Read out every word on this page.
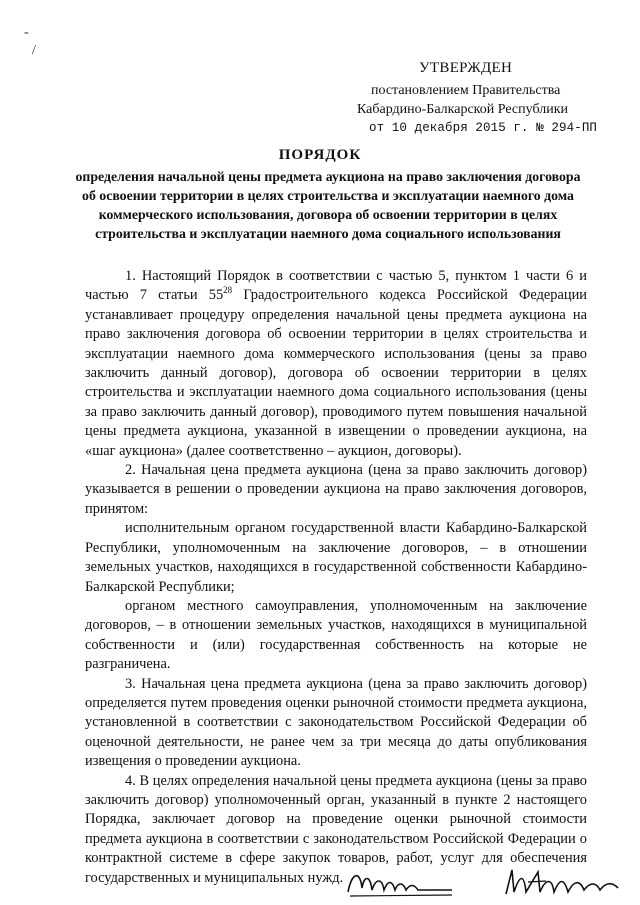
-
/
УТВЕРЖДЕН
постановлением Правительства
Кабардино-Балкарской Республики
от 10 декабря 2015 г. № 294-ПП
ПОРЯДОК
определения начальной цены предмета аукциона на право заключения договора об освоении территории в целях строительства и эксплуатации наемного дома коммерческого использования, договора об освоении территории в целях строительства и эксплуатации наемного дома социального использования

1. Настоящий Порядок в соответствии с частью 5, пунктом 1 части 6 и частью 7 статьи $55^{28}$ Градостроительного кодекса Российской Федерации устанавливает процедуру определения начальной цены предмета аукциона на право заключения договора об освоении территории в целях строительства и эксплуатации наемного дома коммерческого использования (цены за право заключить данный договор), договора об освоении территории в целях строительства и эксплуатации наемного дома социального использования (цены за право заключить данный договор), проводимого путем повышения начальной цены предмета аукциона, указанной в извещении о проведении аукциона, на «шаг аукциона» (далее соответственно – аукцион, договоры).

2. Начальная цена предмета аукциона (цена за право заключить договор) указывается в решении о проведении аукциона на право заключения договоров, принятом:

исполнительным органом государственной власти Кабардино-Балкарской Республики, уполномоченным на заключение договоров, – в отношении земельных участков, находящихся в государственной собственности Кабардино-Балкарской Республики;

органом местного самоуправления, уполномоченным на заключение договоров, – в отношении земельных участков, находящихся в муниципальной собственности и (или) государственная собственность на которые не разграничена.

3. Начальная цена предмета аукциона (цена за право заключить договор) определяется путем проведения оценки рыночной стоимости предмета аукциона, установленной в соответствии с законодательством Российской Федерации об оценочной деятельности, не ранее чем за три месяца до даты опубликования извещения о проведении аукциона.

4. В целях определения начальной цены предмета аукциона (цены за право заключить договор) уполномоченный орган, указанный в пункте 2 настоящего Порядка, заключает договор на проведение оценки рыночной стоимости предмета аукциона в соответствии с законодательством Российской Федерации о контрактной системе в сфере закупок товаров, работ, услуг для обеспечения государственных и муниципальных нужд.
